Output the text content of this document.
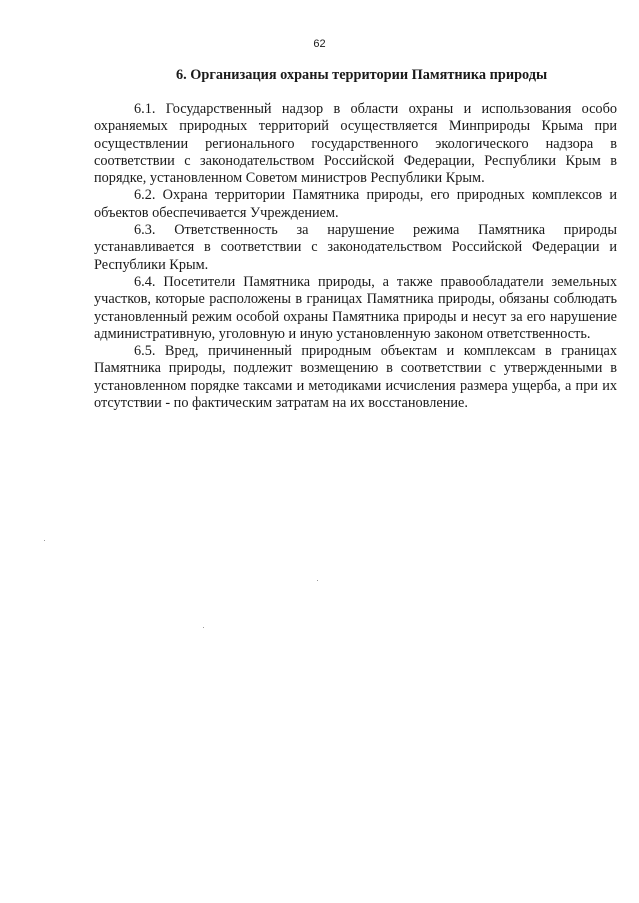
62
6. Организация охраны территории Памятника природы

6.1. Государственный надзор в области охраны и использования особо охраняемых природных территорий осуществляется Минприроды Крыма при осуществлении регионального государственного экологического надзора в соответствии с законодательством Российской Федерации, Республики Крым в порядке, установленном Советом министров Республики Крым.

6.2. Охрана территории Памятника природы, его природных комплексов и объектов обеспечивается Учреждением.

6.3. Ответственность за нарушение режима Памятника природы устанавливается в соответствии с законодательством Российской Федерации и Республики Крым.

6.4. Посетители Памятника природы, а также правообладатели земельных участков, которые расположены в границах Памятника природы, обязаны соблюдать установленный режим особой охраны Памятника природы и несут за его нарушение административную, уголовную и иную установленную законом ответственность.

6.5. Вред, причиненный природным объектам и комплексам в границах Памятника природы, подлежит возмещению в соответствии с утвержденными в установленном порядке таксами и методиками исчисления размера ущерба, а при их отсутствии - по фактическим затратам на их восстановление.
